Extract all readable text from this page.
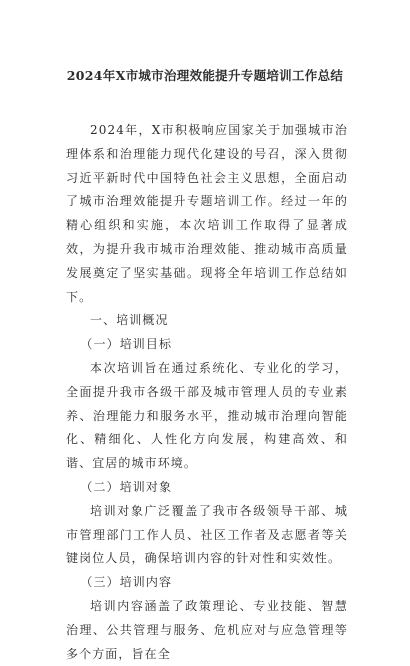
2024年X市城市治理效能提升专题培训工作总结

2024年，X市积极响应国家关于加强城市治理体系和治理能力现代化建设的号召，深入贯彻习近平新时代中国特色社会主义思想，全面启动了城市治理效能提升专题培训工作。经过一年的精心组织和实施，本次培训工作取得了显著成效，为提升我市城市治理效能、推动城市高质量发展奠定了坚实基础。现将全年培训工作总结如下。

一、培训概况

（一）培训目标

本次培训旨在通过系统化、专业化的学习，全面提升我市各级干部及城市管理人员的专业素养、治理能力和服务水平，推动城市治理向智能化、精细化、人性化方向发展，构建高效、和谐、宜居的城市环境。

（二）培训对象

培训对象广泛覆盖了我市各级领导干部、城市管理部门工作人员、社区工作者及志愿者等关键岗位人员，确保培训内容的针对性和实效性。

（三）培训内容

培训内容涵盖了政策理论、专业技能、智慧治理、公共管理与服务、危机应对与应急管理等多个方面，旨在全
